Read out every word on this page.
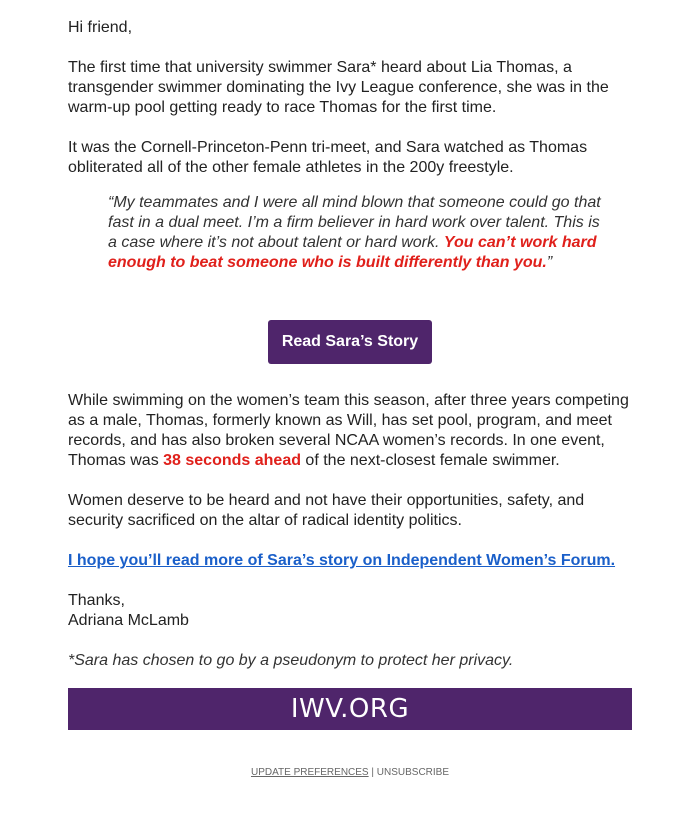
Hi friend,

The first time that university swimmer Sara* heard about Lia Thomas, a transgender swimmer dominating the Ivy League conference, she was in the warm-up pool getting ready to race Thomas for the first time.

It was the Cornell-Princeton-Penn tri-meet, and Sara watched as Thomas obliterated all of the other female athletes in the 200y freestyle.

“My teammates and I were all mind blown that someone could go that fast in a dual meet. I’m a firm believer in hard work over talent. This is a case where it’s not about talent or hard work. You can’t work hard enough to beat someone who is built differently than you.”

Read Sara’s Story

While swimming on the women’s team this season, after three years competing as a male, Thomas, formerly known as Will, has set pool, program, and meet records, and has also broken several NCAA women’s records. In one event, Thomas was 38 seconds ahead of the next-closest female swimmer.

Women deserve to be heard and not have their opportunities, safety, and security sacrificed on the altar of radical identity politics.

I hope you’ll read more of Sara’s story on Independent Women’s Forum.

Thanks,
Adriana McLamb

*Sara has chosen to go by a pseudonym to protect her privacy.

IWV.ORG
UPDATE PREFERENCES | UNSUBSCRIBE
